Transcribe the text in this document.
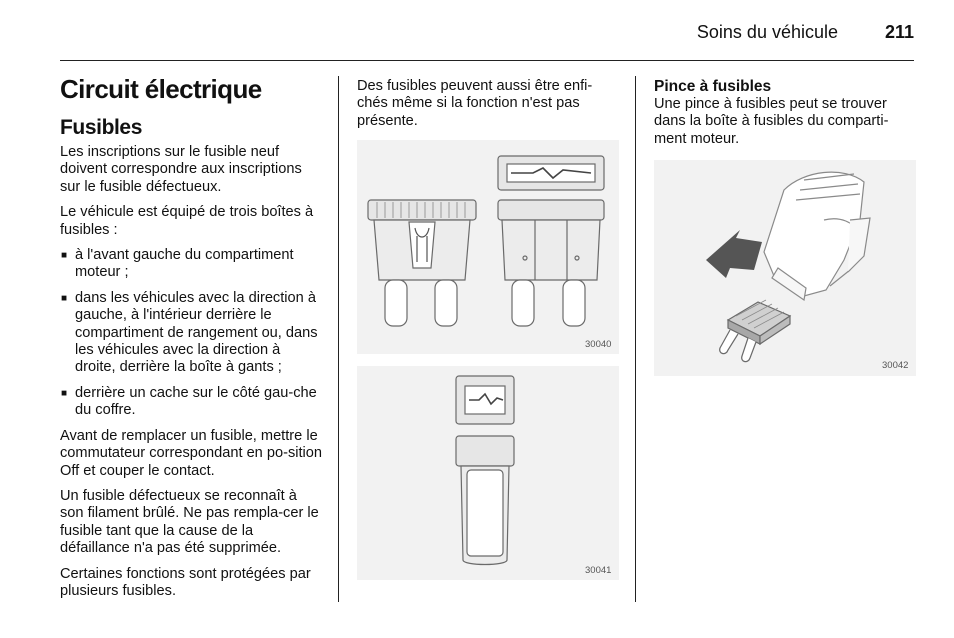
Soins du véhicule	211
Circuit électrique
Fusibles

Les inscriptions sur le fusible neuf doivent correspondre aux inscriptions sur le fusible défectueux.

Le véhicule est équipé de trois boîtes à fusibles :

■ à l'avant gauche du compartiment moteur ;
■ dans les véhicules avec la direction à gauche, à l'intérieur derrière le compartiment de rangement ou, dans les véhicules avec la direction à droite, derrière la boîte à gants ;
■ derrière un cache sur le côté gau-che du coffre.

Avant de remplacer un fusible, mettre le commutateur correspondant en po-sition Off et couper le contact.

Un fusible défectueux se reconnaît à son filament brûlé. Ne pas rempla-cer le fusible tant que la cause de la défaillance n'a pas été supprimée.

Certaines fonctions sont protégées par plusieurs fusibles.

Des fusibles peuvent aussi être enfi-chés même si la fonction n'est pas présente.

30040
30041
Pince à fusibles

Une pince à fusibles peut se trouver dans la boîte à fusibles du comparti-ment moteur.

30042
